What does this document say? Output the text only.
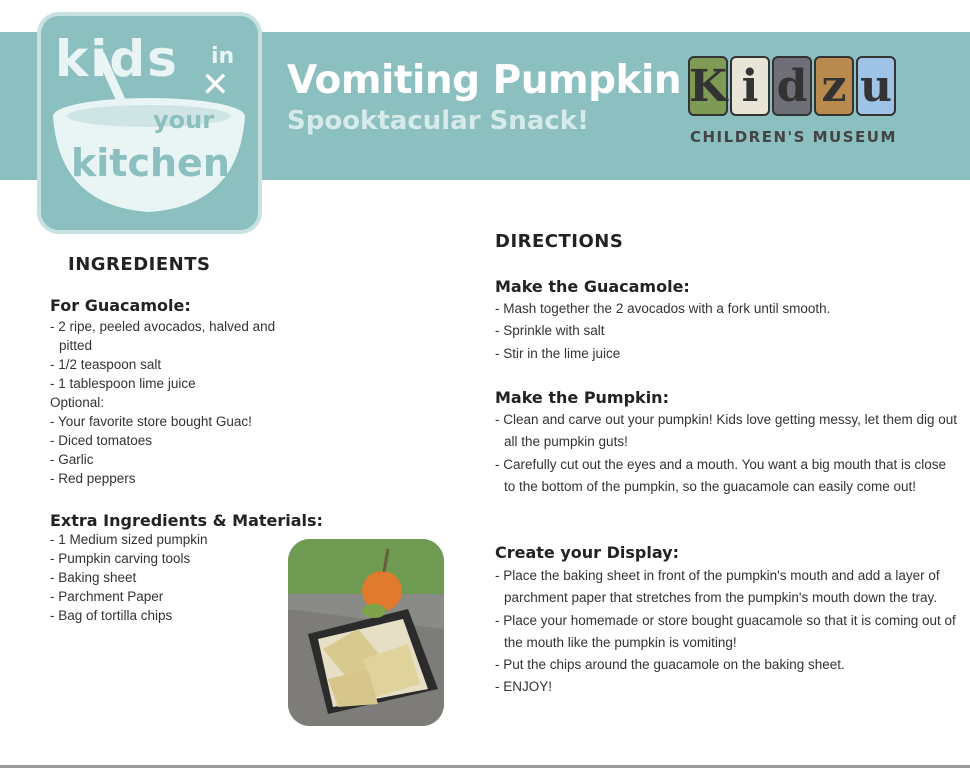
kids in
✕
your
kitchen
Vomiting Pumpkin
Spooktacular Snack!
K i d z u
CHILDREN'S MUSEUM
INGREDIENTS
For Guacamole:
- 2 ripe, peeled avocados, halved and
pitted
- 1/2 teaspoon salt
- 1 tablespoon lime juice
Optional:
- Your favorite store bought Guac!
- Diced tomatoes
- Garlic
- Red peppers
Extra Ingredients & Materials:
- 1 Medium sized pumpkin
- Pumpkin carving tools
- Baking sheet
- Parchment Paper
- Bag of tortilla chips
DIRECTIONS
Make the Guacamole:
- Mash together the 2 avocados with a fork until smooth.
- Sprinkle with salt
- Stir in the lime juice
Make the Pumpkin:
- Clean and carve out your pumpkin! Kids love getting messy, let them dig out all the pumpkin guts!
- Carefully cut out the eyes and a mouth. You want a big mouth that is close to the bottom of the pumpkin, so the guacamole can easily come out!
Create your Display:
- Place the baking sheet in front of the pumpkin's mouth and add a layer of parchment paper that stretches from the pumpkin's mouth down the tray.
- Place your homemade or store bought guacamole so that it is coming out of the mouth like the pumpkin is vomiting!
- Put the chips around the guacamole on the baking sheet.
- ENJOY!
